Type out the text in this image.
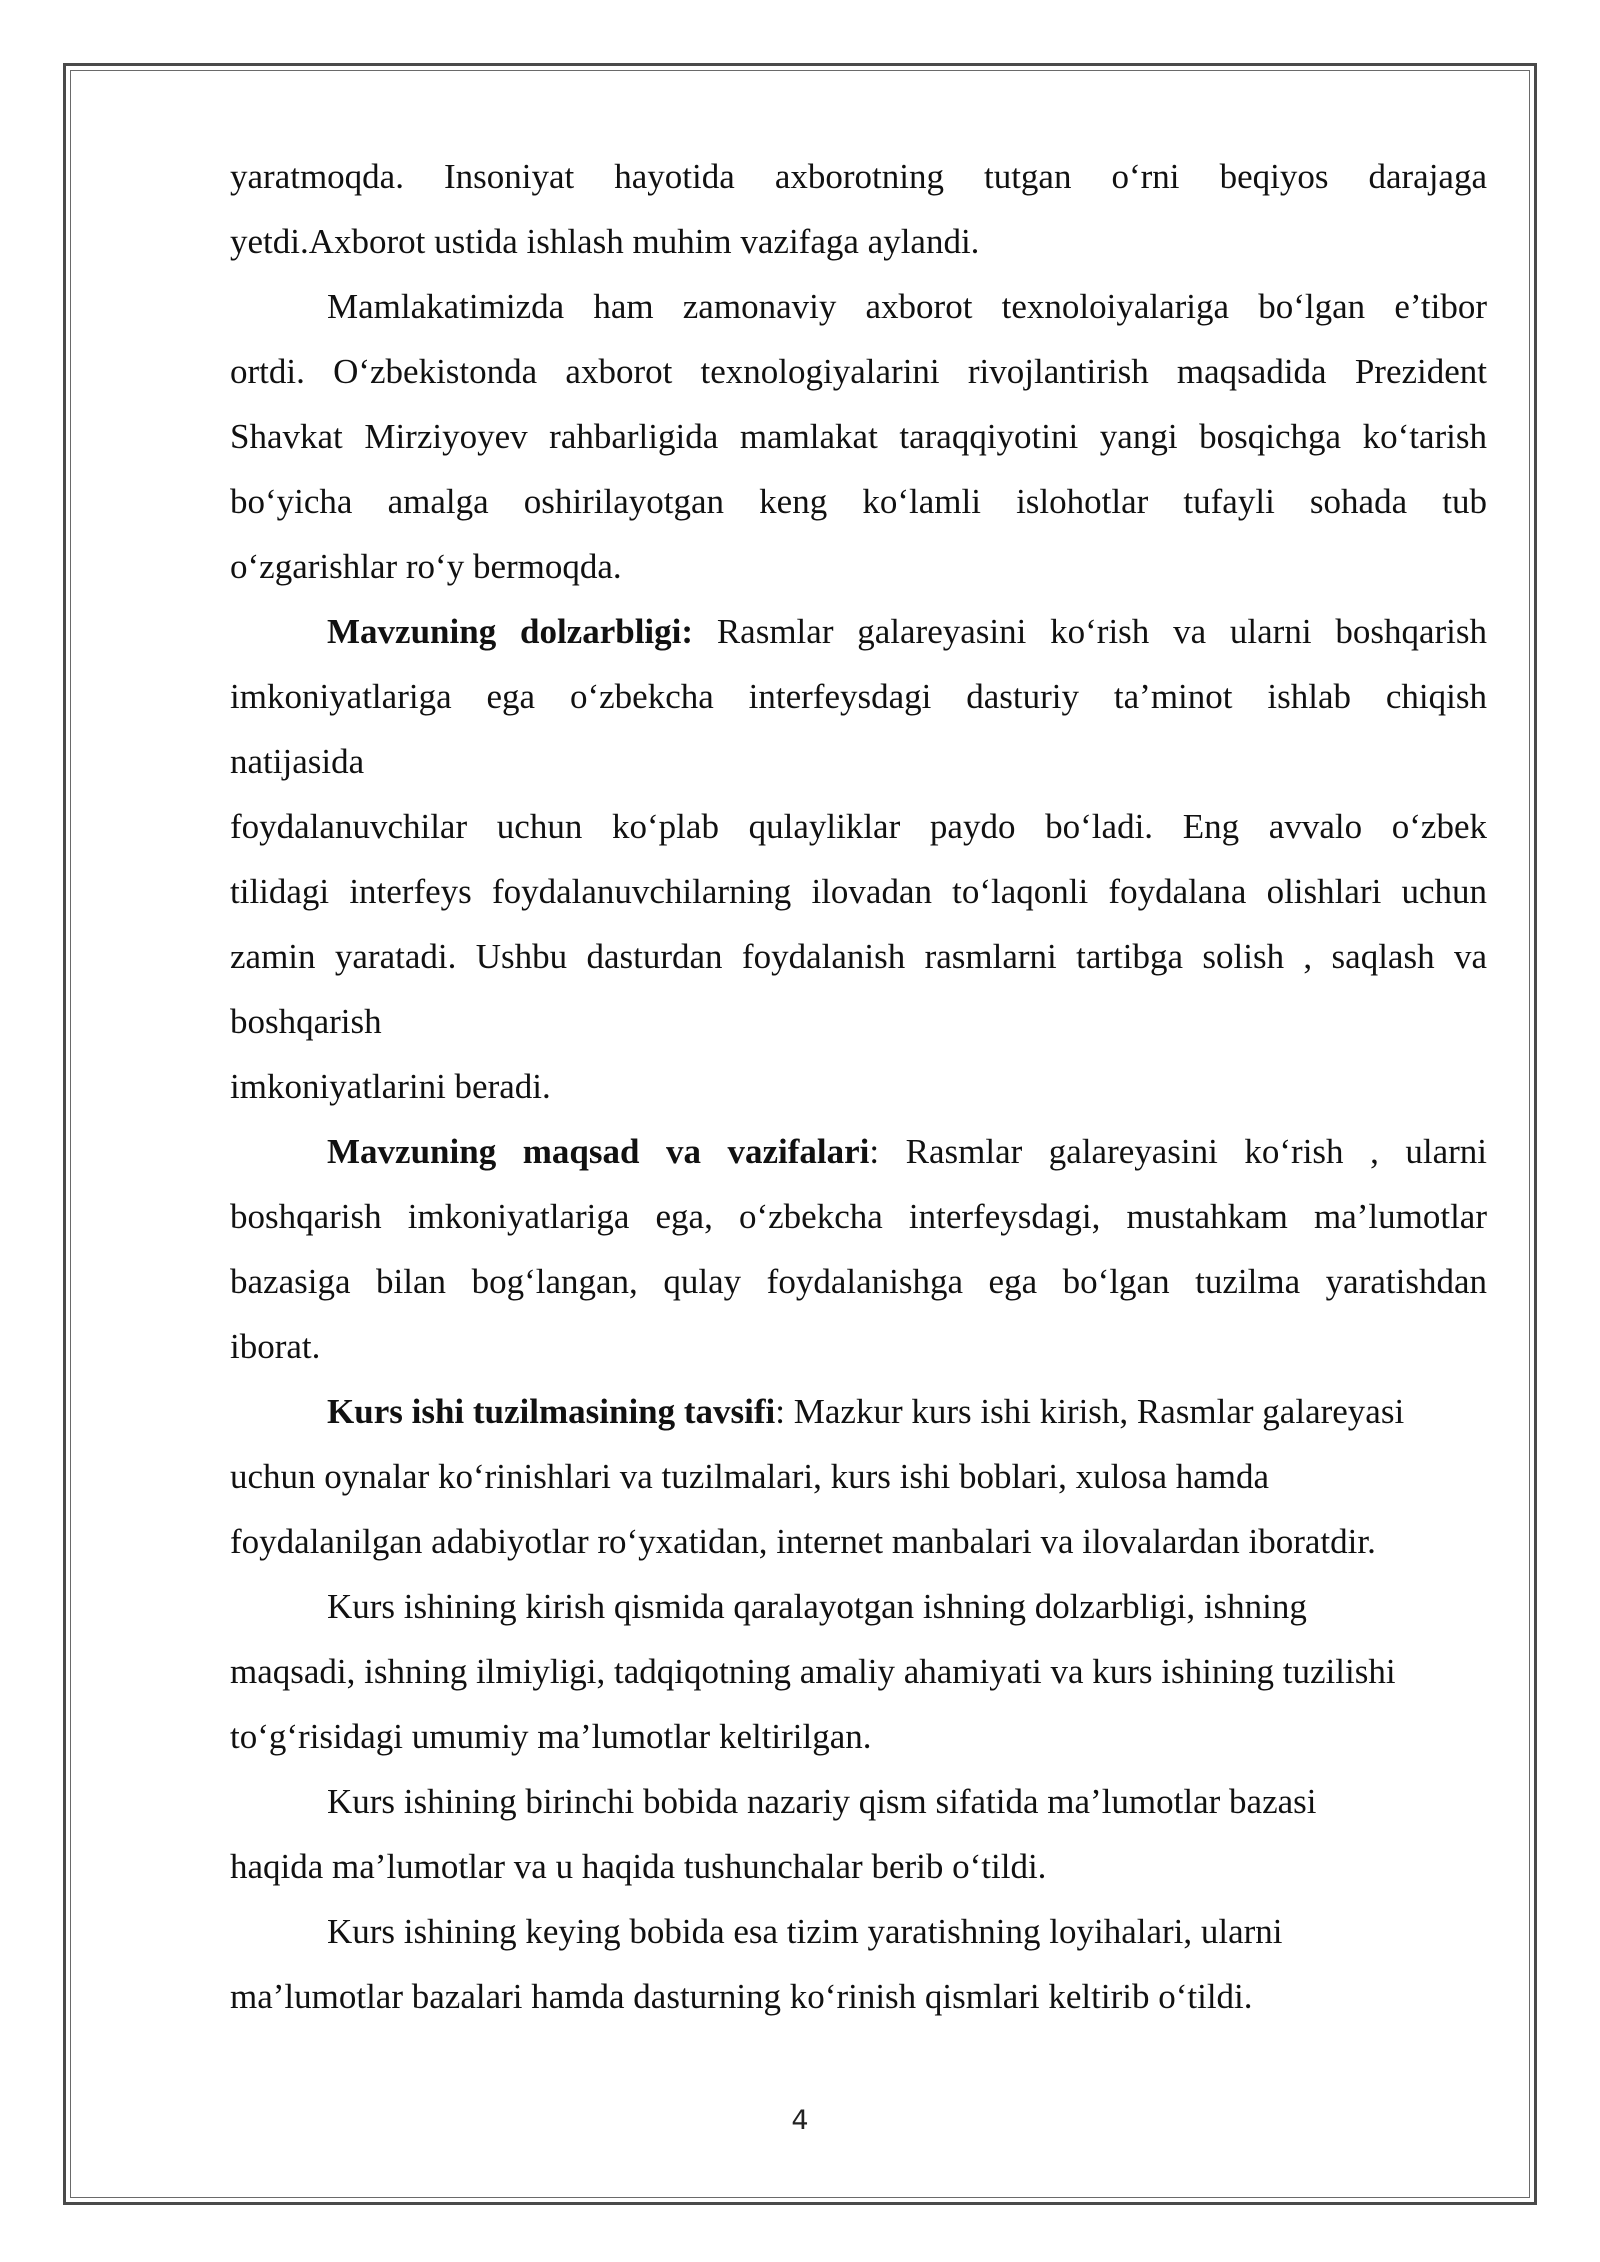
yaratmoqda. Insoniyat hayotida axborotning tutgan o‘rni beqiyos darajaga
yetdi.Axborot ustida ishlash muhim vazifaga aylandi.
Mamlakatimizda ham zamonaviy axborot texnoloiyalariga bo‘lgan e’tibor
ortdi. O‘zbekistonda axborot texnologiyalarini rivojlantirish maqsadida Prezident
Shavkat Mirziyoyev rahbarligida mamlakat taraqqiyotini yangi bosqichga ko‘tarish
bo‘yicha amalga oshirilayotgan keng ko‘lamli islohotlar tufayli sohada tub
o‘zgarishlar ro‘y bermoqda.
Mavzuning dolzarbligi: Rasmlar galareyasini ko‘rish va ularni boshqarish
imkoniyatlariga ega o‘zbekcha interfeysdagi dasturiy ta’minot ishlab chiqish
natijasida
foydalanuvchilar uchun ko‘plab qulayliklar paydo bo‘ladi. Eng avvalo o‘zbek
tilidagi interfeys foydalanuvchilarning ilovadan to‘laqonli foydalana olishlari uchun
zamin yaratadi. Ushbu dasturdan foydalanish rasmlarni tartibga solish , saqlash va
boshqarish
imkoniyatlarini beradi.
Mavzuning maqsad va vazifalari: Rasmlar galareyasini ko‘rish , ularni
boshqarish imkoniyatlariga ega, o‘zbekcha interfeysdagi, mustahkam ma’lumotlar
bazasiga bilan bog‘langan, qulay foydalanishga ega bo‘lgan tuzilma yaratishdan
iborat.
Kurs ishi tuzilmasining tavsifi: Mazkur kurs ishi kirish, Rasmlar galareyasi
uchun oynalar ko‘rinishlari va tuzilmalari, kurs ishi boblari, xulosa hamda
foydalanilgan adabiyotlar ro‘yxatidan, internet manbalari va ilovalardan iboratdir.
Kurs ishining kirish qismida qaralayotgan ishning dolzarbligi, ishning
maqsadi, ishning ilmiyligi, tadqiqotning amaliy ahamiyati va kurs ishining tuzilishi
to‘g‘risidagi umumiy ma’lumotlar keltirilgan.
Kurs ishining birinchi bobida nazariy qism sifatida ma’lumotlar bazasi
haqida ma’lumotlar va u haqida tushunchalar berib o‘tildi.
Kurs ishining keying bobida esa tizim yaratishning loyihalari, ularni
ma’lumotlar bazalari hamda dasturning ko‘rinish qismlari keltirib o‘tildi.
4
